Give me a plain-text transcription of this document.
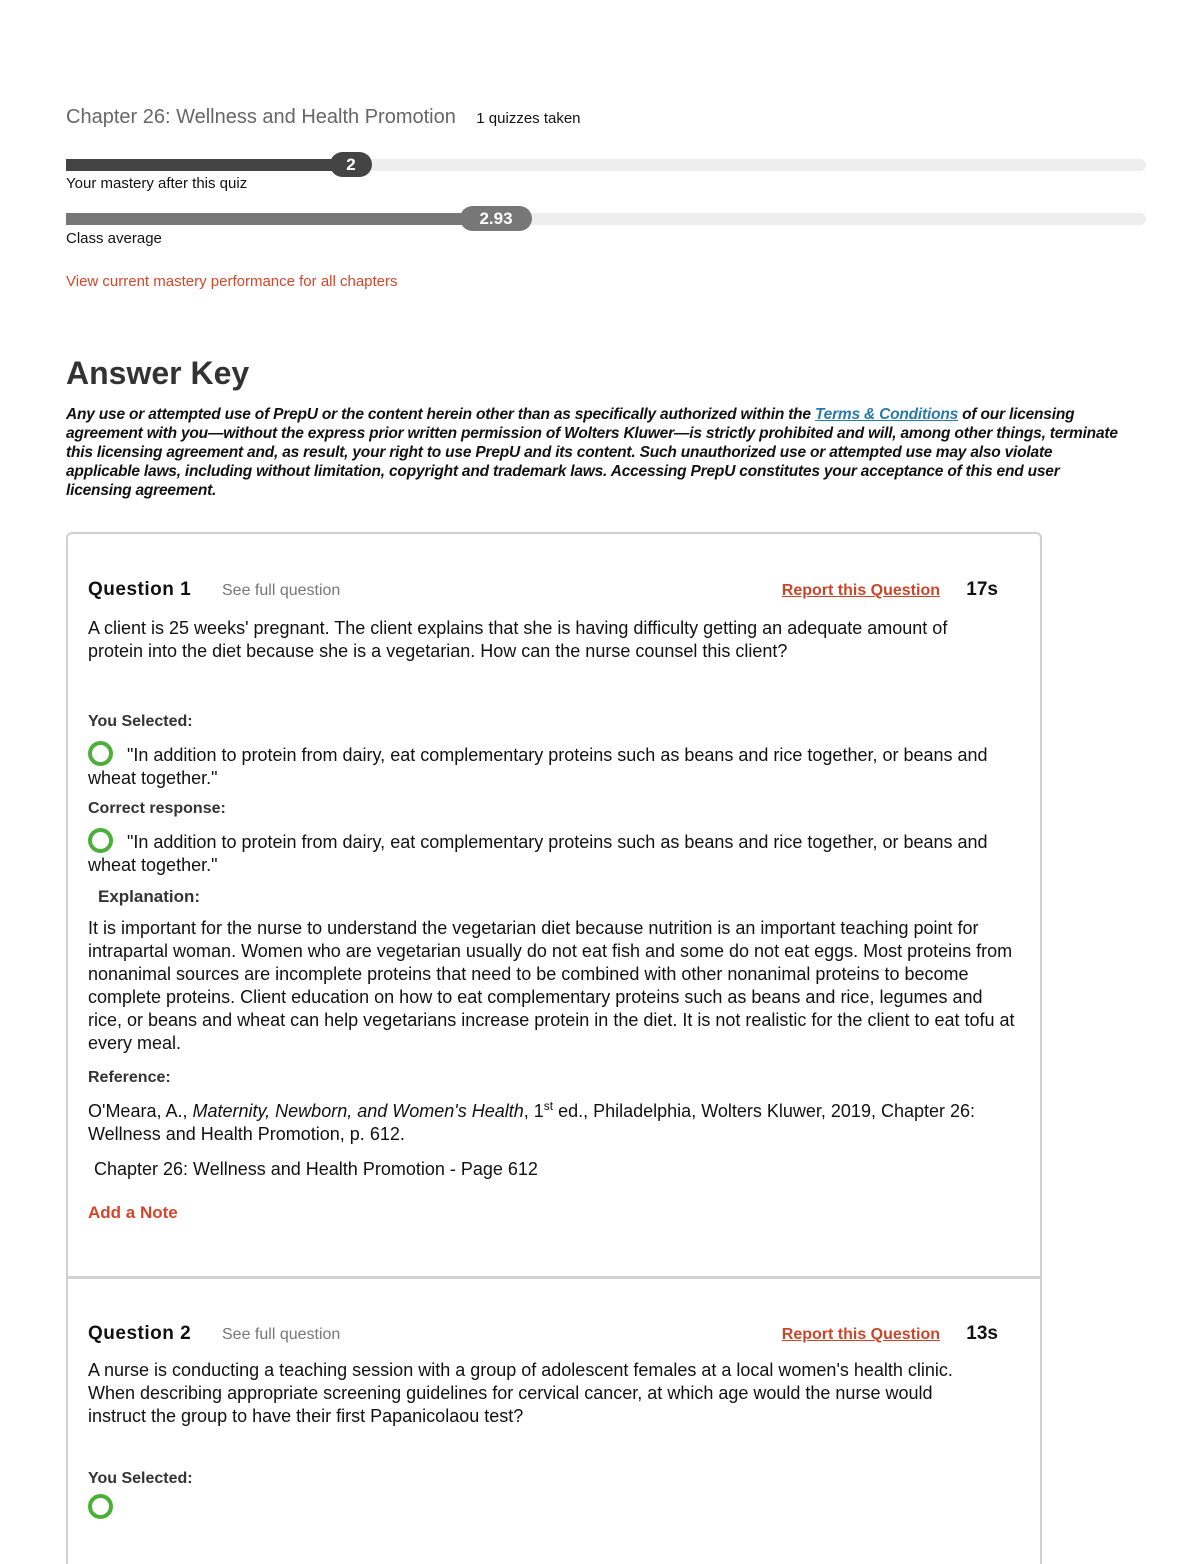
Chapter 26: Wellness and Health Promotion 1 quizzes taken
2
Your mastery after this quiz
2.93
Class average
View current mastery performance for all chapters
Answer Key
Any use or attempted use of PrepU or the content herein other than as specifically authorized within the Terms & Conditions of our licensing agreement with you—without the express prior written permission of Wolters Kluwer—is strictly prohibited and will, among other things, terminate this licensing agreement and, as result, your right to use PrepU and its content. Such unauthorized use or attempted use may also violate applicable laws, including without limitation, copyright and trademark laws. Accessing PrepU constitutes your acceptance of this end user licensing agreement.
Question 1 See full question	Report this Question 17s
A client is 25 weeks' pregnant. The client explains that she is having difficulty getting an adequate amount of protein into the diet because she is a vegetarian. How can the nurse counsel this client?
You Selected:
"In addition to protein from dairy, eat complementary proteins such as beans and rice together, or beans and wheat together."
Correct response:
"In addition to protein from dairy, eat complementary proteins such as beans and rice together, or beans and wheat together."
Explanation:
It is important for the nurse to understand the vegetarian diet because nutrition is an important teaching point for intrapartal woman. Women who are vegetarian usually do not eat fish and some do not eat eggs. Most proteins from nonanimal sources are incomplete proteins that need to be combined with other nonanimal proteins to become complete proteins. Client education on how to eat complementary proteins such as beans and rice, legumes and rice, or beans and wheat can help vegetarians increase protein in the diet. It is not realistic for the client to eat tofu at every meal.
Reference:
O'Meara, A., Maternity, Newborn, and Women's Health, 1st ed., Philadelphia, Wolters Kluwer, 2019, Chapter 26: Wellness and Health Promotion, p. 612.
Chapter 26: Wellness and Health Promotion - Page 612
Add a Note
Question 2 See full question	Report this Question 13s
A nurse is conducting a teaching session with a group of adolescent females at a local women's health clinic. When describing appropriate screening guidelines for cervical cancer, at which age would the nurse would instruct the group to have their first Papanicolaou test?
You Selected:
